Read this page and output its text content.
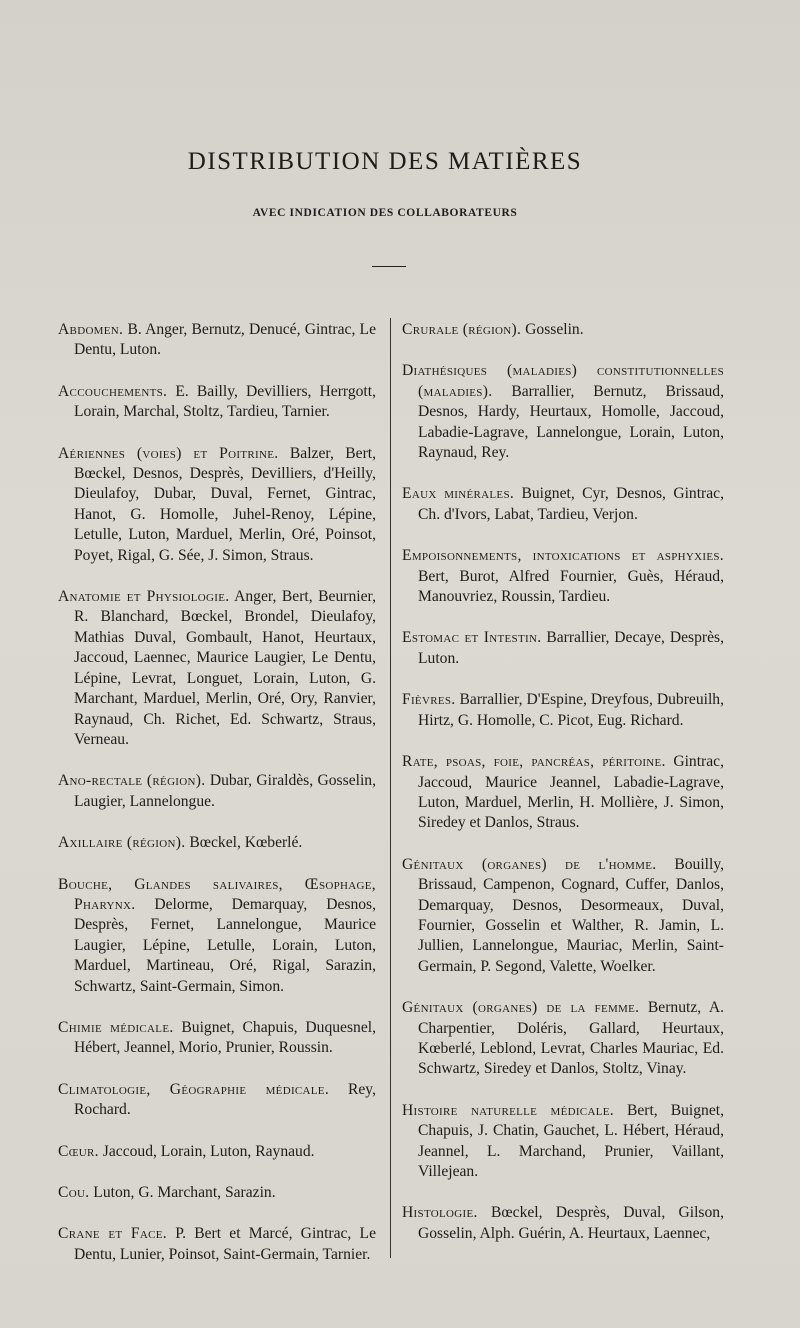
DISTRIBUTION DES MATIÈRES
AVEC INDICATION DES COLLABORATEURS

Abdomen. B. Anger, Bernutz, Denucé, Gintrac, Le Dentu, Luton.

Accouchements. E. Bailly, Devilliers, Herrgott, Lorain, Marchal, Stoltz, Tardieu, Tarnier.

Aériennes (voies) et Poitrine. Balzer, Bert, Bœckel, Desnos, Desprès, Devilliers, d'Heilly, Dieulafoy, Dubar, Duval, Fernet, Gintrac, Hanot, G. Homolle, Juhel-Renoy, Lépine, Letulle, Luton, Marduel, Merlin, Oré, Poinsot, Poyet, Rigal, G. Sée, J. Simon, Straus.

Anatomie et Physiologie. Anger, Bert, Beurnier, R. Blanchard, Bœckel, Brondel, Dieulafoy, Mathias Duval, Gombault, Hanot, Heurtaux, Jaccoud, Laennec, Maurice Laugier, Le Dentu, Lépine, Levrat, Longuet, Lorain, Luton, G. Marchant, Marduel, Merlin, Oré, Ory, Ranvier, Raynaud, Ch. Richet, Ed. Schwartz, Straus, Verneau.

Ano-rectale (région). Dubar, Giraldès, Gosselin, Laugier, Lannelongue.

Axillaire (région). Bœckel, Kœberlé.

Bouche, Glandes salivaires, Œsophage, Pharynx. Delorme, Demarquay, Desnos, Desprès, Fernet, Lannelongue, Maurice Laugier, Lépine, Letulle, Lorain, Luton, Marduel, Martineau, Oré, Rigal, Sarazin, Schwartz, Saint-Germain, Simon.

Chimie médicale. Buignet, Chapuis, Duquesnel, Hébert, Jeannel, Morio, Prunier, Roussin.

Climatologie, Géographie médicale. Rey, Rochard.

Cœur. Jaccoud, Lorain, Luton, Raynaud.

Cou. Luton, G. Marchant, Sarazin.

Crane et Face. P. Bert et Marcé, Gintrac, Le Dentu, Lunier, Poinsot, Saint-Germain, Tarnier.

Crurale (région). Gosselin.

Diathésiques (maladies) constitutionnelles (maladies). Barrallier, Bernutz, Brissaud, Desnos, Hardy, Heurtaux, Homolle, Jaccoud, Labadie-Lagrave, Lannelongue, Lorain, Luton, Raynaud, Rey.

Eaux minérales. Buignet, Cyr, Desnos, Gintrac, Ch. d'Ivors, Labat, Tardieu, Verjon.

Empoisonnements, intoxications et asphyxies. Bert, Burot, Alfred Fournier, Guès, Héraud, Manouvriez, Roussin, Tardieu.

Estomac et Intestin. Barrallier, Decaye, Desprès, Luton.

Fièvres. Barrallier, D'Espine, Dreyfous, Dubreuilh, Hirtz, G. Homolle, C. Picot, Eug. Richard.

Rate, psoas, foie, pancréas, péritoine. Gintrac, Jaccoud, Maurice Jeannel, Labadie-Lagrave, Luton, Marduel, Merlin, H. Mollière, J. Simon, Siredey et Danlos, Straus.

Génitaux (organes) de l'homme. Bouilly, Brissaud, Campenon, Cognard, Cuffer, Danlos, Demarquay, Desnos, Desormeaux, Duval, Fournier, Gosselin et Walther, R. Jamin, L. Jullien, Lannelongue, Mauriac, Merlin, Saint-Germain, P. Segond, Valette, Woelker.

Génitaux (organes) de la femme. Bernutz, A. Charpentier, Doléris, Gallard, Heurtaux, Kœberlé, Leblond, Levrat, Charles Mauriac, Ed. Schwartz, Siredey et Danlos, Stoltz, Vinay.

Histoire naturelle médicale. Bert, Buignet, Chapuis, J. Chatin, Gauchet, L. Hébert, Héraud, Jeannel, L. Marchand, Prunier, Vaillant, Villejean.

Histologie. Bœckel, Desprès, Duval, Gilson, Gosselin, Alph. Guérin, A. Heurtaux, Laennec,
